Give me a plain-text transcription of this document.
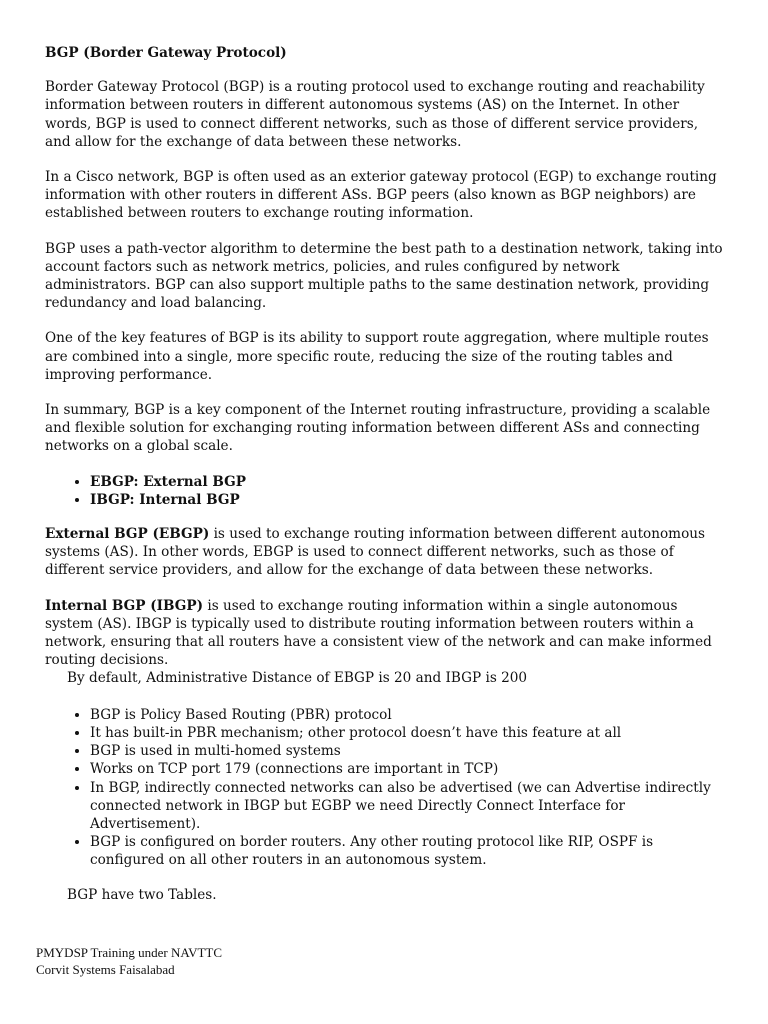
BGP (Border Gateway Protocol)

Border Gateway Protocol (BGP) is a routing protocol used to exchange routing and reachability information between routers in different autonomous systems (AS) on the Internet. In other words, BGP is used to connect different networks, such as those of different service providers, and allow for the exchange of data between these networks.

In a Cisco network, BGP is often used as an exterior gateway protocol (EGP) to exchange routing information with other routers in different ASs. BGP peers (also known as BGP neighbors) are established between routers to exchange routing information.

BGP uses a path-vector algorithm to determine the best path to a destination network, taking into account factors such as network metrics, policies, and rules configured by network administrators. BGP can also support multiple paths to the same destination network, providing redundancy and load balancing.

One of the key features of BGP is its ability to support route aggregation, where multiple routes are combined into a single, more specific route, reducing the size of the routing tables and improving performance.

In summary, BGP is a key component of the Internet routing infrastructure, providing a scalable and flexible solution for exchanging routing information between different ASs and connecting networks on a global scale.

• EBGP: External BGP
• IBGP: Internal BGP

External BGP (EBGP) is used to exchange routing information between different autonomous systems (AS). In other words, EBGP is used to connect different networks, such as those of different service providers, and allow for the exchange of data between these networks.

Internal BGP (IBGP) is used to exchange routing information within a single autonomous system (AS). IBGP is typically used to distribute routing information between routers within a network, ensuring that all routers have a consistent view of the network and can make informed routing decisions.

By default, Administrative Distance of EBGP is 20 and IBGP is 200

• BGP is Policy Based Routing (PBR) protocol
• It has built-in PBR mechanism; other protocol doesn’t have this feature at all
• BGP is used in multi-homed systems
• Works on TCP port 179 (connections are important in TCP)
• In BGP, indirectly connected networks can also be advertised (we can Advertise indirectly connected network in IBGP but EGBP we need Directly Connect Interface for Advertisement).
• BGP is configured on border routers. Any other routing protocol like RIP, OSPF is configured on all other routers in an autonomous system.

BGP have two Tables.

PMYDSP Training under NAVTTC
Corvit Systems Faisalabad
